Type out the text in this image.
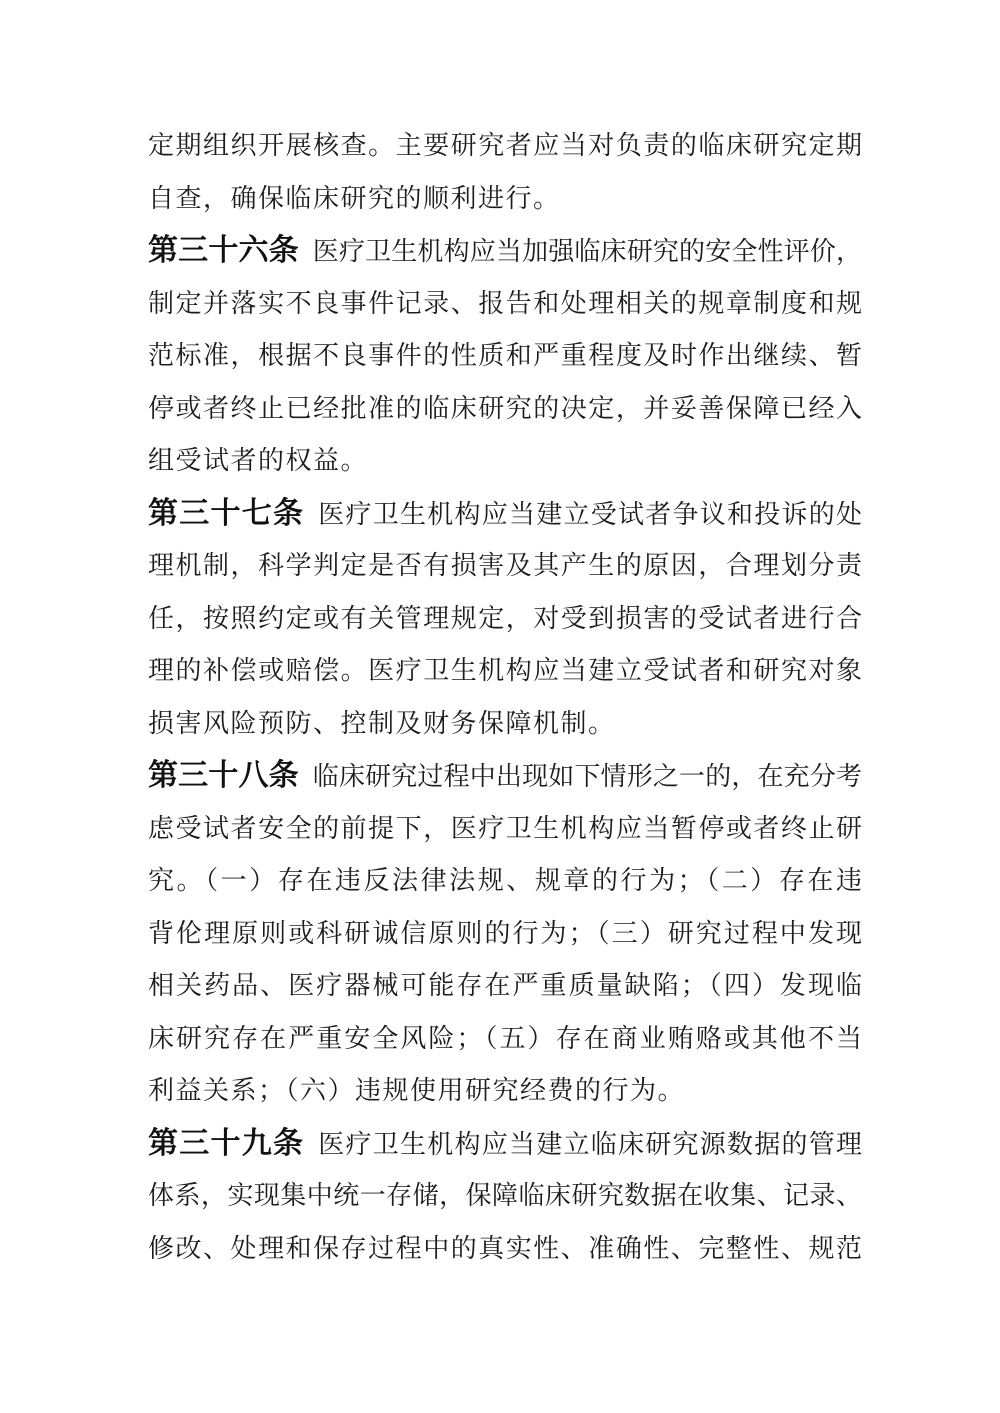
定期组织开展核查。主要研究者应当对负责的临床研究定期
自查，确保临床研究的顺利进行。
第三十六条 医疗卫生机构应当加强临床研究的安全性评价，
制定并落实不良事件记录、报告和处理相关的规章制度和规
范标准，根据不良事件的性质和严重程度及时作出继续、暂
停或者终止已经批准的临床研究的决定，并妥善保障已经入
组受试者的权益。
第三十七条 医疗卫生机构应当建立受试者争议和投诉的处
理机制，科学判定是否有损害及其产生的原因，合理划分责
任，按照约定或有关管理规定，对受到损害的受试者进行合
理的补偿或赔偿。医疗卫生机构应当建立受试者和研究对象
损害风险预防、控制及财务保障机制。
第三十八条 临床研究过程中出现如下情形之一的，在充分考
虑受试者安全的前提下，医疗卫生机构应当暂停或者终止研
究。（一）存在违反法律法规、规章的行为；（二）存在违
背伦理原则或科研诚信原则的行为；（三）研究过程中发现
相关药品、医疗器械可能存在严重质量缺陷；（四）发现临
床研究存在严重安全风险；（五）存在商业贿赂或其他不当
利益关系；（六）违规使用研究经费的行为。
第三十九条 医疗卫生机构应当建立临床研究源数据的管理
体系，实现集中统一存储，保障临床研究数据在收集、记录、
修改、处理和保存过程中的真实性、准确性、完整性、规范
